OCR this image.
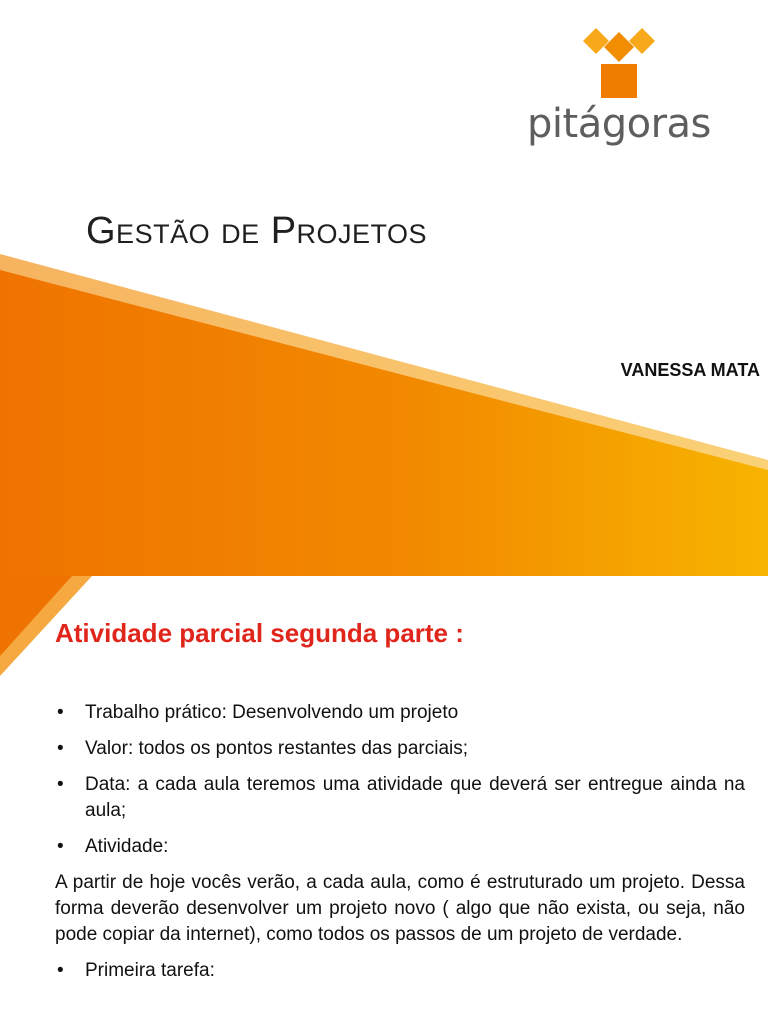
pitágoras
Gestão de Projetos
VANESSA MATA
Atividade parcial segunda parte :
• Trabalho prático: Desenvolvendo um projeto
• Valor: todos os pontos restantes das parciais;
• Data: a cada aula teremos uma atividade que deverá ser entregue ainda na aula;
• Atividade:
A partir de hoje vocês verão, a cada aula, como é estruturado um projeto. Dessa forma deverão desenvolver um projeto novo ( algo que não exista, ou seja, não pode copiar da internet), como todos os passos de um projeto de verdade.
• Primeira tarefa:
